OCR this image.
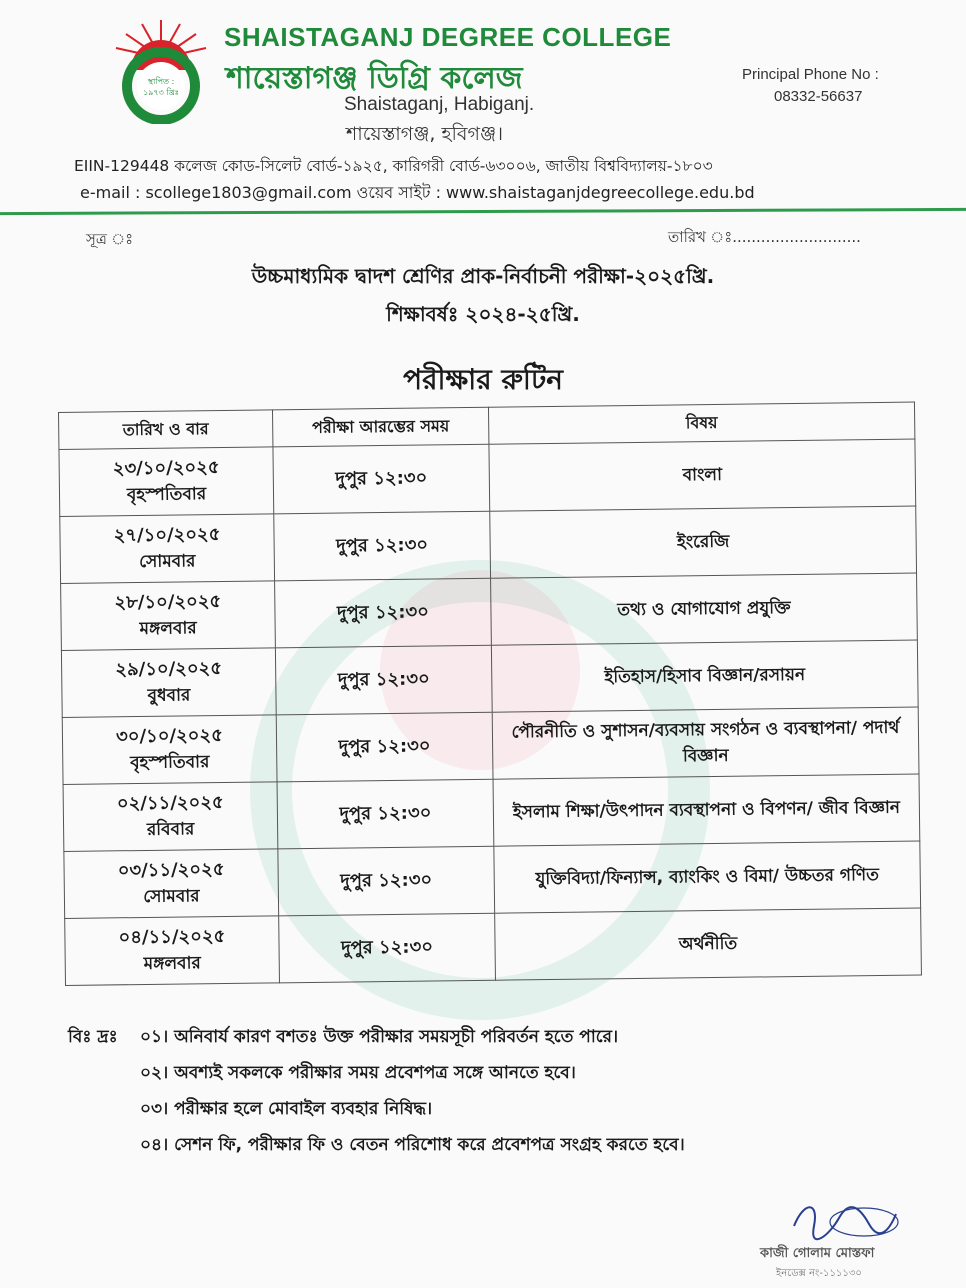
স্থাপিত :
১৯৭৩ খ্রিঃ
SHAISTAGANJ DEGREE COLLEGE
শায়েস্তাগঞ্জ ডিগ্রি কলেজ
Shaistaganj, Habiganj.
শায়েস্তাগঞ্জ, হবিগঞ্জ।
Principal Phone No :
08332-56637
EIIN-129448 কলেজ কোড-সিলেট বোর্ড-১৯২৫, কারিগরী বোর্ড-৬৩০০৬, জাতীয় বিশ্ববিদ্যালয়-১৮০৩
e-mail : scollege1803@gmail.com ওয়েব সাইট : www.shaistaganjdegreecollege.edu.bd
সূত্র ঃ	তারিখ ঃ...........................
উচ্চমাধ্যমিক দ্বাদশ শ্রেণির প্রাক-নির্বাচনী পরীক্ষা-২০২৫খ্রি.
শিক্ষাবর্ষঃ ২০২৪-২৫খ্রি.
পরীক্ষার রুটিন
তারিখ ও বার	পরীক্ষা আরম্ভের সময়	বিষয়

২৩/১০/২০২৫
বৃহস্পতিবার	দুপুর ১২:৩০	বাংলা

২৭/১০/২০২৫
সোমবার	দুপুর ১২:৩০	ইংরেজি

২৮/১০/২০২৫
মঙ্গলবার	দুপুর ১২:৩০	তথ্য ও যোগাযোগ প্রযুক্তি

২৯/১০/২০২৫
বুধবার	দুপুর ১২:৩০	ইতিহাস/হিসাব বিজ্ঞান/রসায়ন

৩০/১০/২০২৫
বৃহস্পতিবার	দুপুর ১২:৩০	পৌরনীতি ও সুশাসন/ব্যবসায় সংগঠন ও ব্যবস্থাপনা/ পদার্থ বিজ্ঞান

০২/১১/২০২৫
রবিবার	দুপুর ১২:৩০	ইসলাম শিক্ষা/উৎপাদন ব্যবস্থাপনা ও বিপণন/ জীব বিজ্ঞান

০৩/১১/২০২৫
সোমবার	দুপুর ১২:৩০	যুক্তিবিদ্যা/ফিন্যান্স, ব্যাংকিং ও বিমা/ উচ্চতর গণিত

০৪/১১/২০২৫
মঙ্গলবার	দুপুর ১২:৩০	অর্থনীতি
বিঃ দ্রঃ ০১। অনিবার্য কারণ বশতঃ উক্ত পরীক্ষার সময়সূচী পরিবর্তন হতে পারে।
০২। অবশ্যই সকলকে পরীক্ষার সময় প্রবেশপত্র সঙ্গে আনতে হবে।
০৩। পরীক্ষার হলে মোবাইল ব্যবহার নিষিদ্ধ।
০৪। সেশন ফি, পরীক্ষার ফি ও বেতন পরিশোধ করে প্রবেশপত্র সংগ্রহ করতে হবে।
কাজী গোলাম মোস্তফা
ইনডেক্স নং-১১১১৩০
